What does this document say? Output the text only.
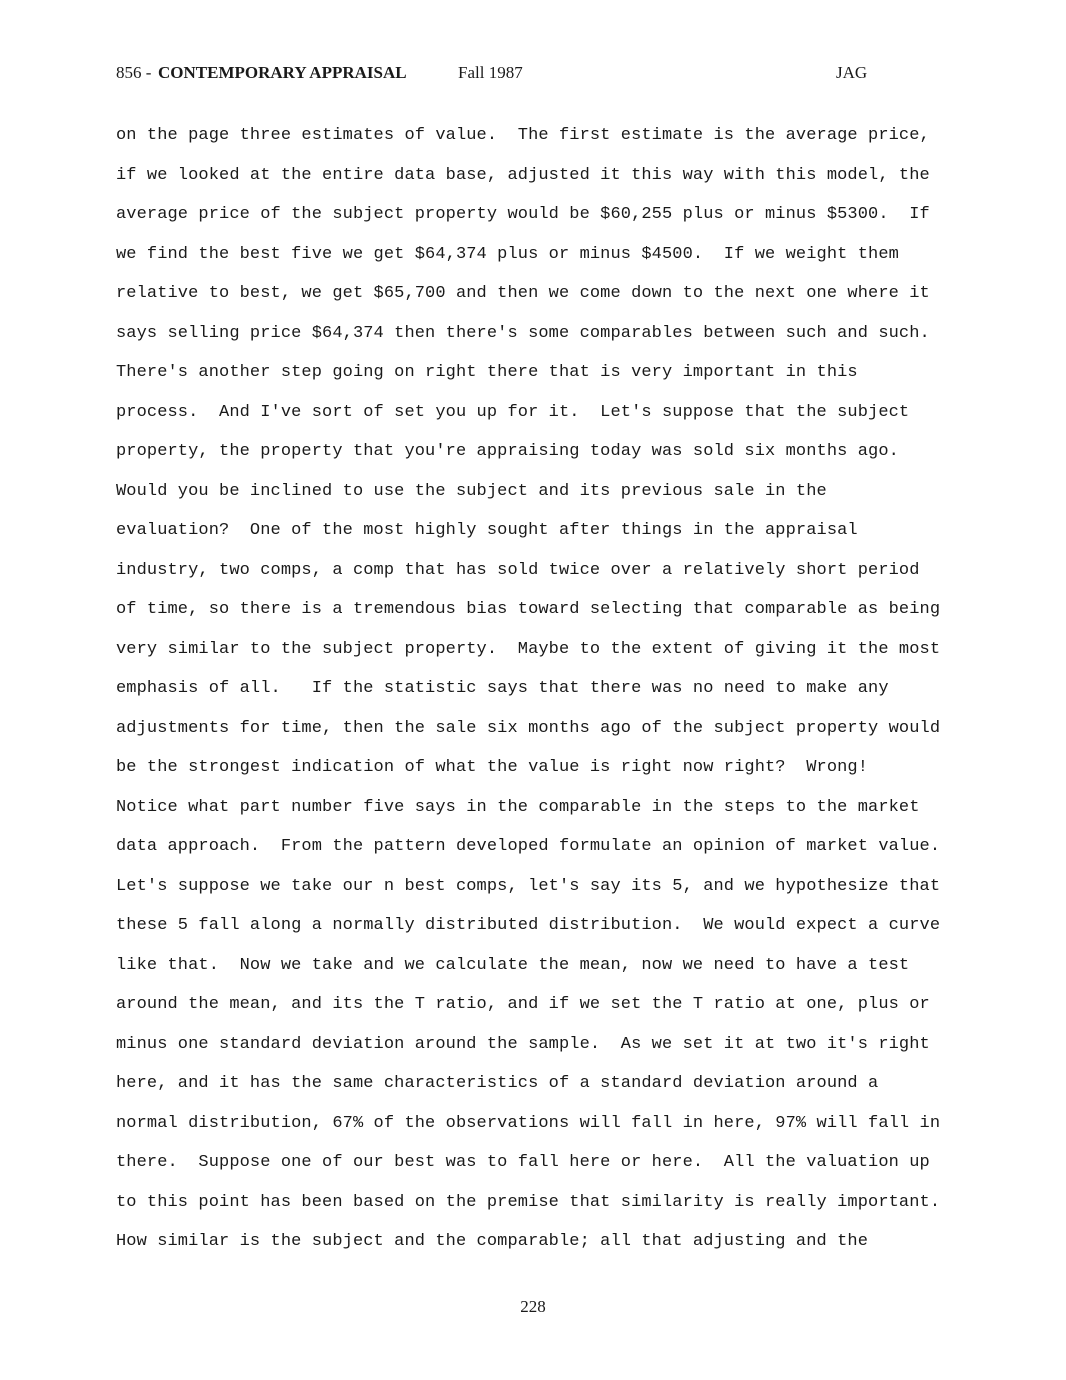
856 - CONTEMPORARY APPRAISAL	Fall 1987	JAG
on the page three estimates of value.  The first estimate is the average price,
if we looked at the entire data base, adjusted it this way with this model, the
average price of the subject property would be $60,255 plus or minus $5300.  If
we find the best five we get $64,374 plus or minus $4500.  If we weight them
relative to best, we get $65,700 and then we come down to the next one where it
says selling price $64,374 then there's some comparables between such and such.
There's another step going on right there that is very important in this
process.  And I've sort of set you up for it.  Let's suppose that the subject
property, the property that you're appraising today was sold six months ago.
Would you be inclined to use the subject and its previous sale in the
evaluation?  One of the most highly sought after things in the appraisal
industry, two comps, a comp that has sold twice over a relatively short period
of time, so there is a tremendous bias toward selecting that comparable as being
very similar to the subject property.  Maybe to the extent of giving it the most
emphasis of all.   If the statistic says that there was no need to make any
adjustments for time, then the sale six months ago of the subject property would
be the strongest indication of what the value is right now right?  Wrong!
Notice what part number five says in the comparable in the steps to the market
data approach.  From the pattern developed formulate an opinion of market value.
Let's suppose we take our n best comps, let's say its 5, and we hypothesize that
these 5 fall along a normally distributed distribution.  We would expect a curve
like that.  Now we take and we calculate the mean, now we need to have a test
around the mean, and its the T ratio, and if we set the T ratio at one, plus or
minus one standard deviation around the sample.  As we set it at two it's right
here, and it has the same characteristics of a standard deviation around a
normal distribution, 67% of the observations will fall in here, 97% will fall in
there.  Suppose one of our best was to fall here or here.  All the valuation up
to this point has been based on the premise that similarity is really important.
How similar is the subject and the comparable; all that adjusting and the
228
